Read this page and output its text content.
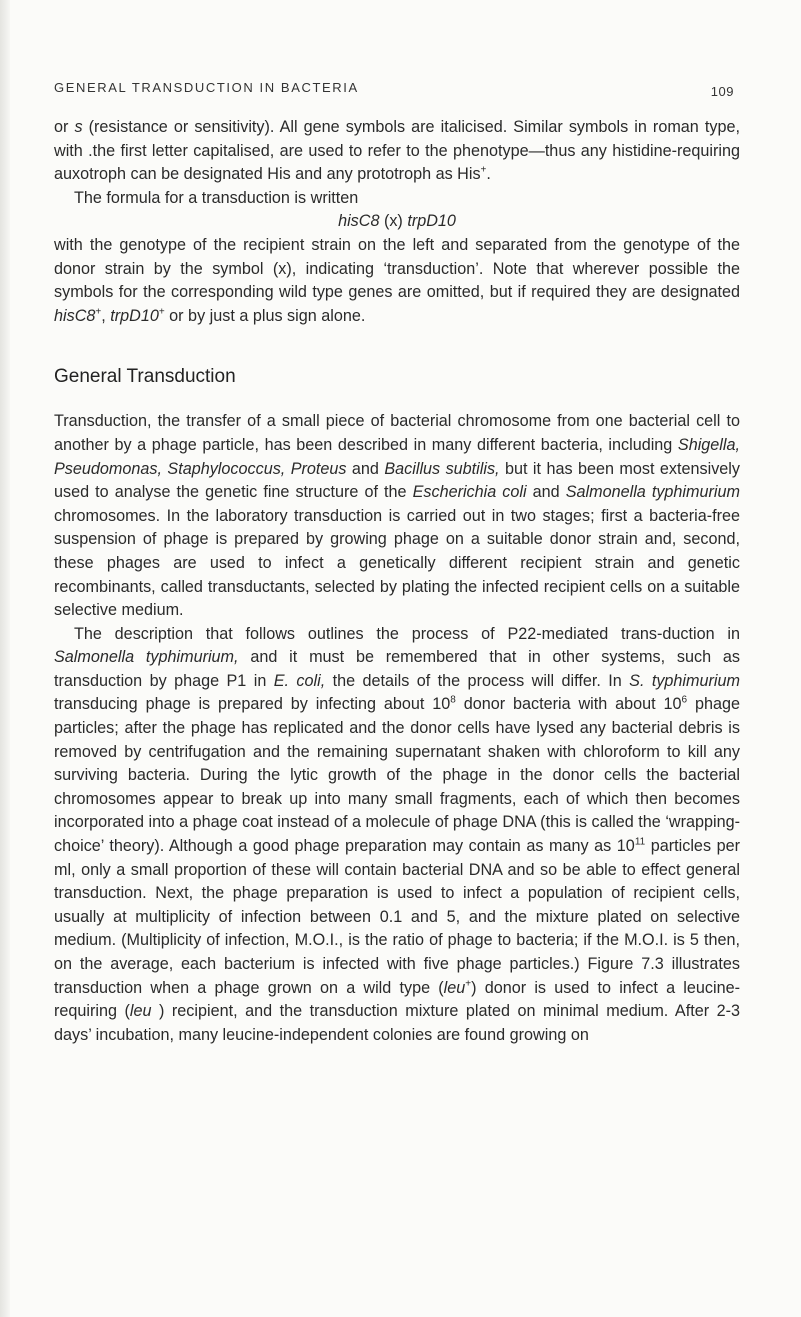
GENERAL TRANSDUCTION IN BACTERIA	109

or s (resistance or sensitivity). All gene symbols are italicised. Similar symbols in roman type, with .the first letter capitalised, are used to refer to the phenotype—thus any histidine-requiring auxotroph can be designated His and any prototroph as His+.

The formula for a transduction is written

hisC8 (x) trpD10

with the genotype of the recipient strain on the left and separated from the genotype of the donor strain by the symbol (x), indicating ‘transduction’. Note that wherever possible the symbols for the corresponding wild type genes are omitted, but if required they are designated hisC8+, trpD10+ or by just a plus sign alone.

General Transduction

Transduction, the transfer of a small piece of bacterial chromosome from one bacterial cell to another by a phage particle, has been described in many different bacteria, including Shigella, Pseudomonas, Staphylococcus, Proteus and Bacillus subtilis, but it has been most extensively used to analyse the genetic fine structure of the Escherichia coli and Salmonella typhimurium chromosomes. In the laboratory transduction is carried out in two stages; first a bacteria-free suspension of phage is prepared by growing phage on a suitable donor strain and, second, these phages are used to infect a genetically different recipient strain and genetic recombinants, called transductants, selected by plating the infected recipient cells on a suitable selective medium.

The description that follows outlines the process of P22-mediated trans-duction in Salmonella typhimurium, and it must be remembered that in other systems, such as transduction by phage P1 in E. coli, the details of the process will differ. In S. typhimurium transducing phage is prepared by infecting about $10^8$ donor bacteria with about $10^6$ phage particles; after the phage has replicated and the donor cells have lysed any bacterial debris is removed by centrifugation and the remaining supernatant shaken with chloroform to kill any surviving bacteria. During the lytic growth of the phage in the donor cells the bacterial chromosomes appear to break up into many small fragments, each of which then becomes incorporated into a phage coat instead of a molecule of phage DNA (this is called the ‘wrapping-choice’ theory). Although a good phage preparation may contain as many as $10^{11}$ particles per ml, only a small proportion of these will contain bacterial DNA and so be able to effect general transduction. Next, the phage preparation is used to infect a population of recipient cells, usually at multiplicity of infection between 0.1 and 5, and the mixture plated on selective medium. (Multiplicity of infection, M.O.I., is the ratio of phage to bacteria; if the M.O.I. is 5 then, on the average, each bacterium is infected with five phage particles.) Figure 7.3 illustrates transduction when a phage grown on a wild type (leu+) donor is used to infect a leucine-requiring (leu ) recipient, and the transduction mixture plated on minimal medium. After 2-3 days’ incubation, many leucine-independent colonies are found growing on
